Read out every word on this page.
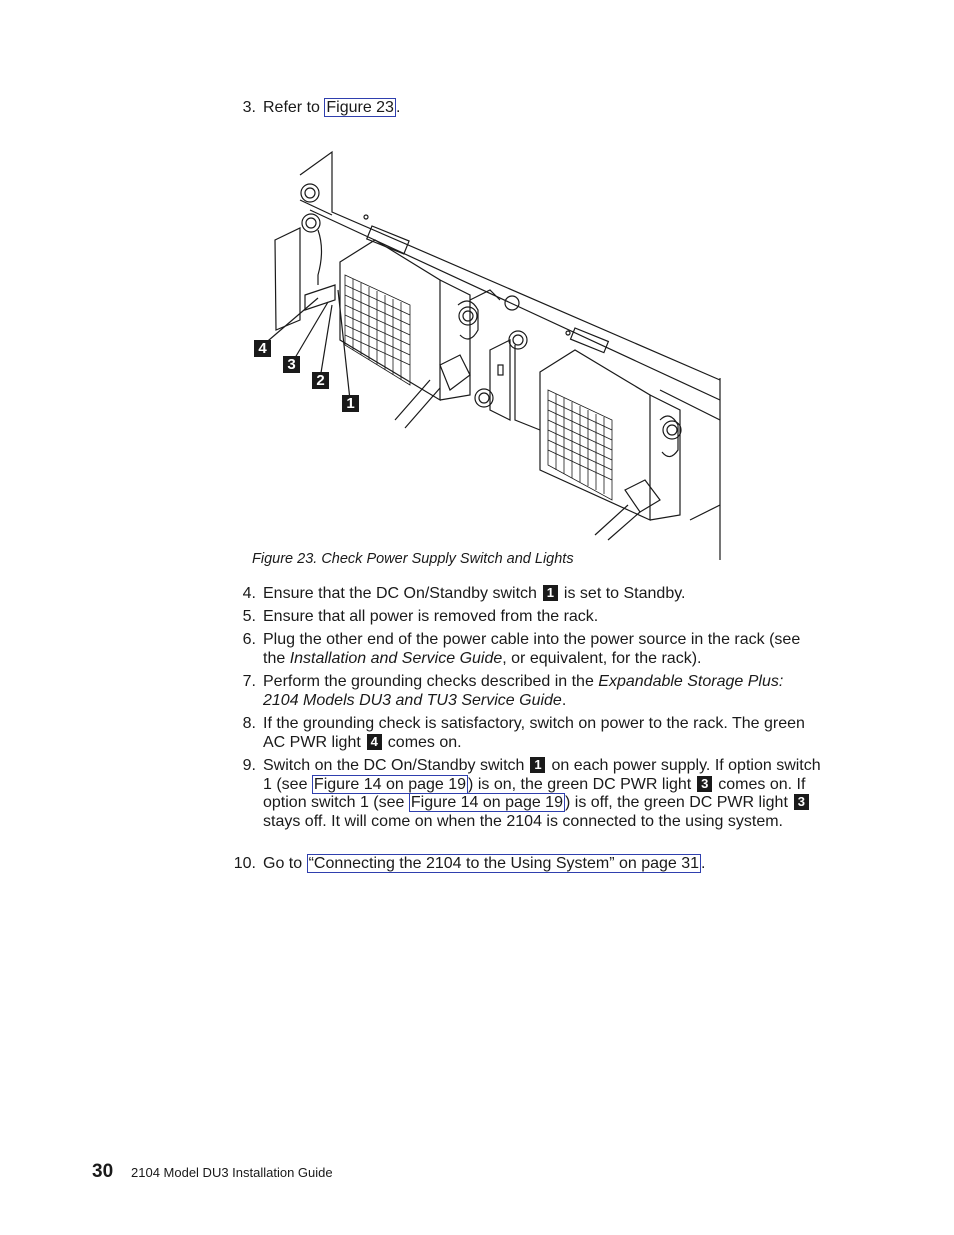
3. Refer to Figure 23 .
4
3
2
1
Figure 23. Check Power Supply Switch and Lights
4. Ensure that the DC On/Standby switch 1 is set to Standby.
5. Ensure that all power is removed from the rack.
6. Plug the other end of the power cable into the power source in the rack (see the Installation and Service Guide, or equivalent, for the rack).
7. Perform the grounding checks described in the Expandable Storage Plus: 2104 Models DU3 and TU3 Service Guide.
8. If the grounding check is satisfactory, switch on power to the rack. The green AC PWR light 4 comes on.
9. Switch on the DC On/Standby switch 1 on each power supply. If option switch 1 (see Figure 14 on page 19 ) is on, the green DC PWR light 3 comes on. If option switch 1 (see Figure 14 on page 19 ) is off, the green DC PWR light 3stays off. It will come on when the 2104 is connected to the using system.
10. Go to “Connecting the 2104 to the Using System” on page 31 .
30 2104 Model DU3 Installation Guide
